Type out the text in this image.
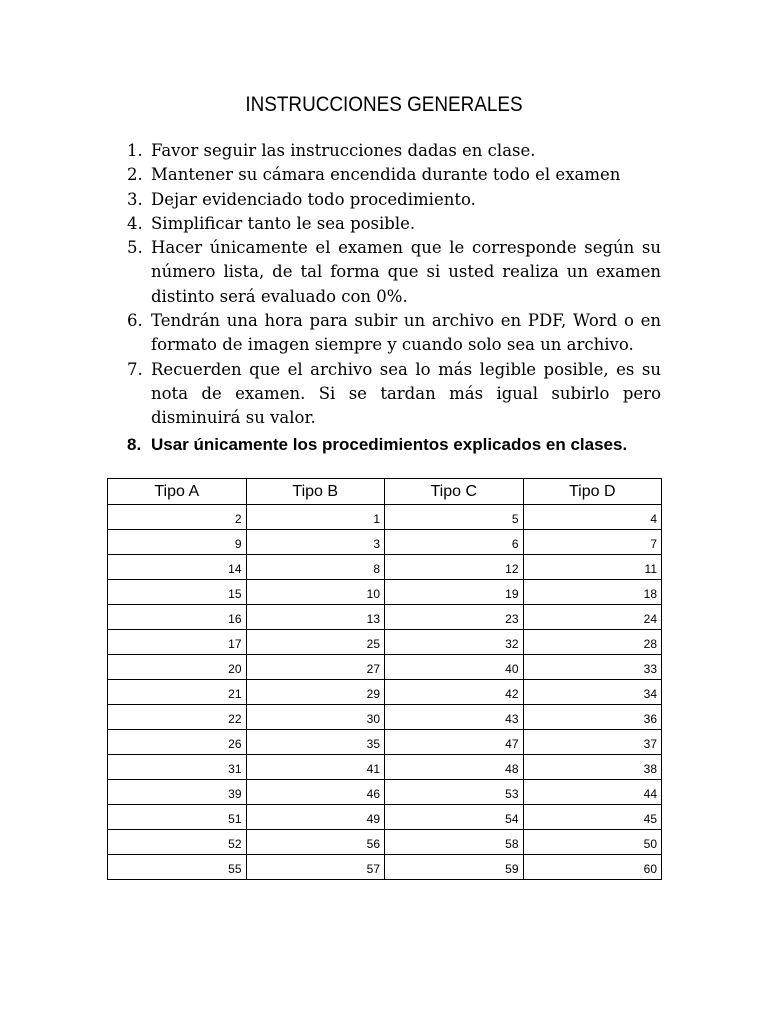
INSTRUCCIONES GENERALES
1. Favor seguir las instrucciones dadas en clase.
2. Mantener su cámara encendida durante todo el examen
3. Dejar evidenciado todo procedimiento.
4. Simplificar tanto le sea posible.
5. Hacer únicamente el examen que le corresponde según su número lista, de tal forma que si usted realiza un examen distinto será evaluado con 0%.
6. Tendrán una hora para subir un archivo en PDF, Word o en formato de imagen siempre y cuando solo sea un archivo.
7. Recuerden que el archivo sea lo más legible posible, es su nota de examen. Si se tardan más igual subirlo pero disminuirá su valor.
8. Usar únicamente los procedimientos explicados en clases.
Tipo A	Tipo B	Tipo C	Tipo D
2	1	5	4
9	3	6	7
14	8	12	11
15	10	19	18
16	13	23	24
17	25	32	28
20	27	40	33
21	29	42	34
22	30	43	36
26	35	47	37
31	41	48	38
39	46	53	44
51	49	54	45
52	56	58	50
55	57	59	60
